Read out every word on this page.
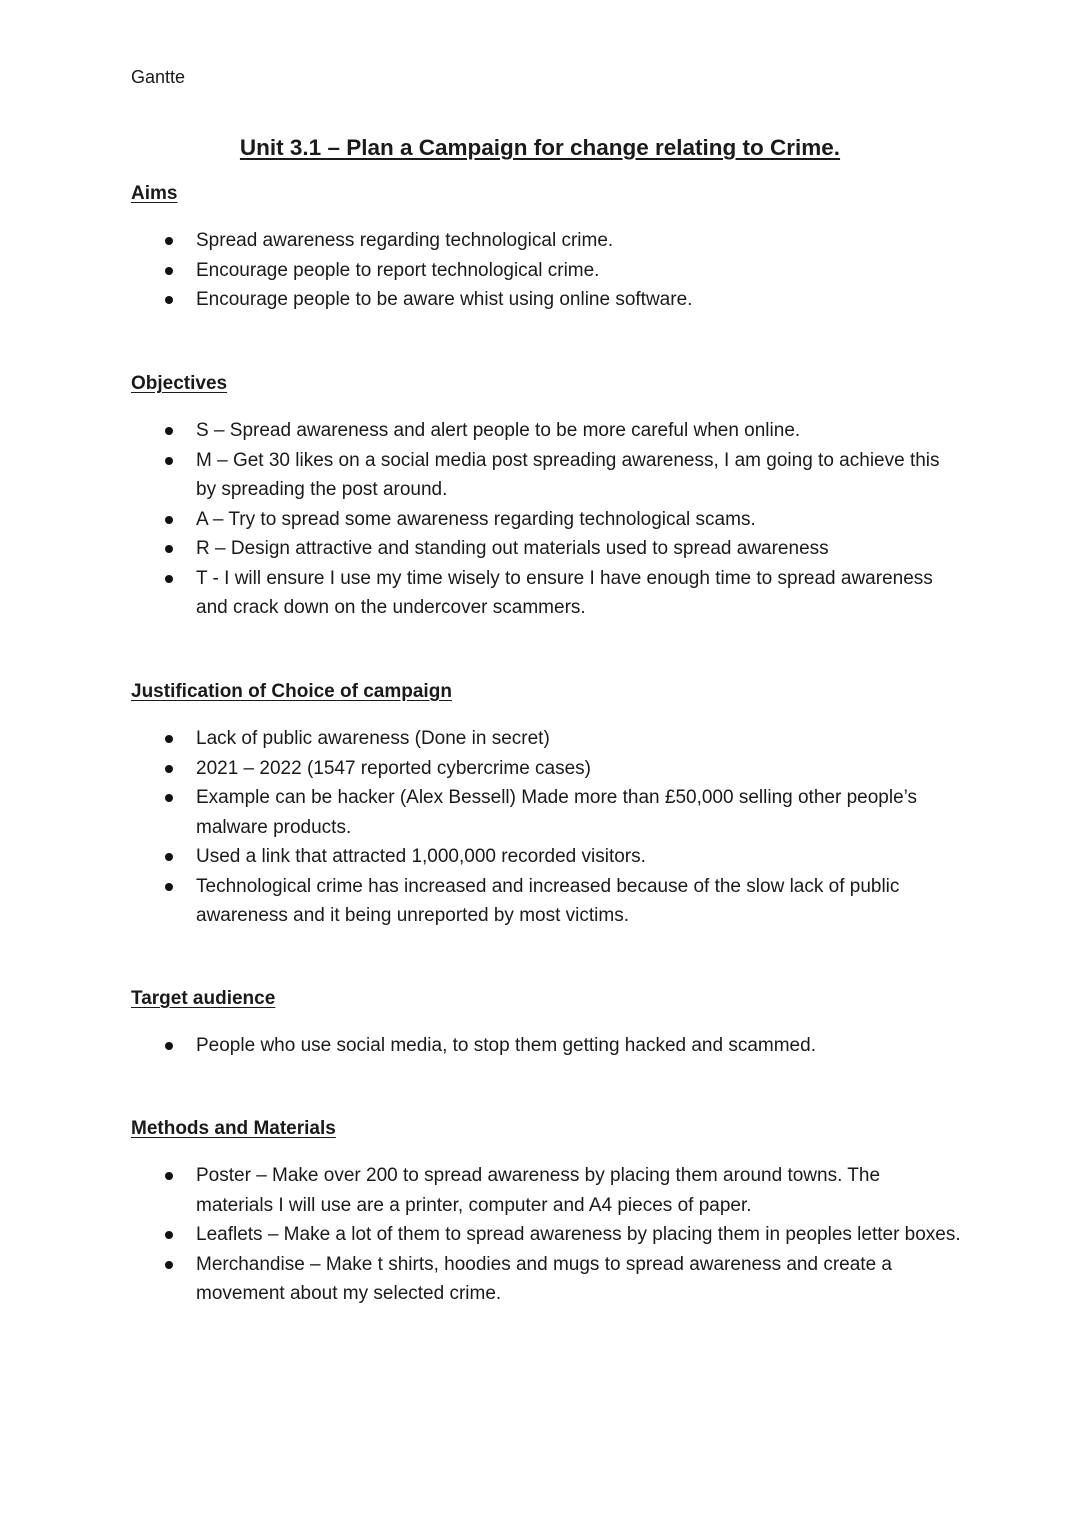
Gantte
Unit 3.1 – Plan a Campaign for change relating to Crime.
Aims
Spread awareness regarding technological crime.
Encourage people to report technological crime.
Encourage people to be aware whist using online software.
Objectives
S – Spread awareness and alert people to be more careful when online.
M – Get 30 likes on a social media post spreading awareness, I am going to achieve this by spreading the post around.
A – Try to spread some awareness regarding technological scams.
R – Design attractive and standing out materials used to spread awareness
T - I will ensure I use my time wisely to ensure I have enough time to spread awareness and crack down on the undercover scammers.
Justification of Choice of campaign
Lack of public awareness (Done in secret)
2021 – 2022 (1547 reported cybercrime cases)
Example can be hacker (Alex Bessell) Made more than £50,000 selling other people’s malware products.
Used a link that attracted 1,000,000 recorded visitors.
Technological crime has increased and increased because of the slow lack of public awareness and it being unreported by most victims.
Target audience
People who use social media, to stop them getting hacked and scammed.
Methods and Materials
Poster – Make over 200 to spread awareness by placing them around towns. The materials I will use are a printer, computer and A4 pieces of paper.
Leaflets – Make a lot of them to spread awareness by placing them in peoples letter boxes.
Merchandise – Make t shirts, hoodies and mugs to spread awareness and create a movement about my selected crime.
